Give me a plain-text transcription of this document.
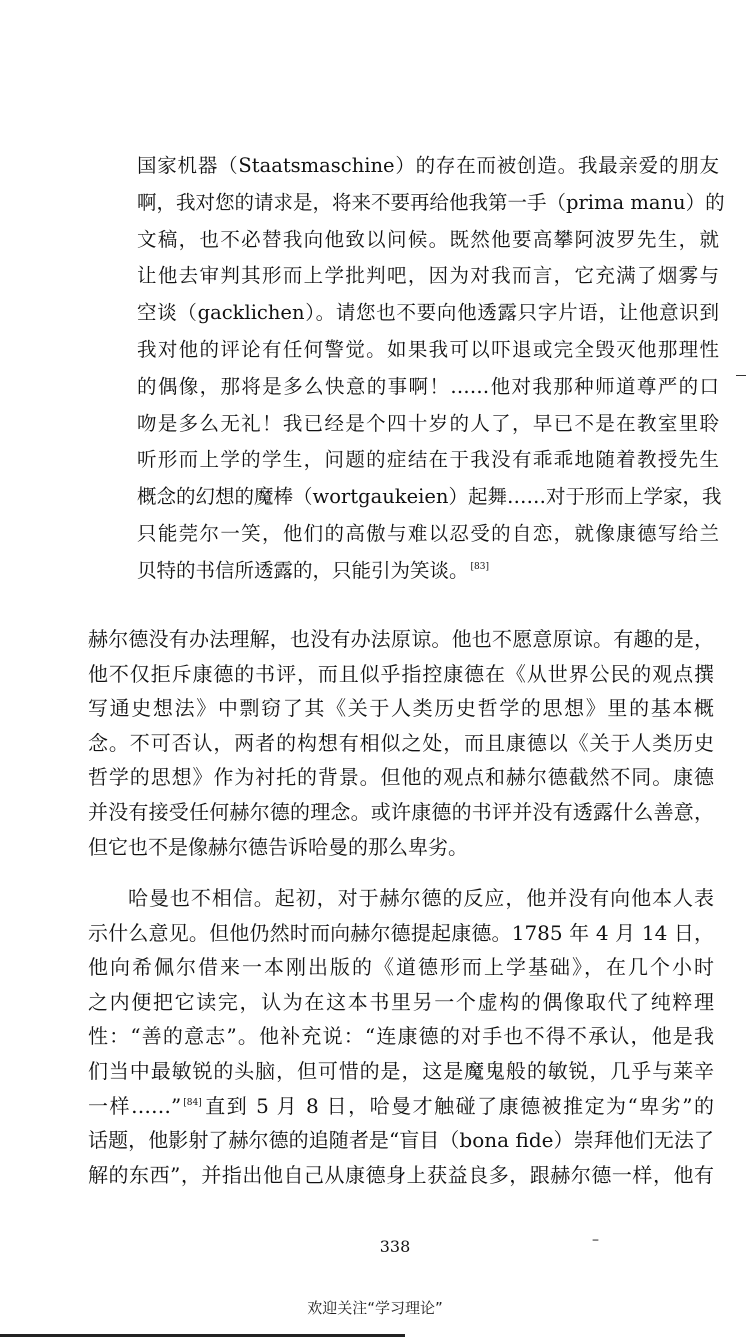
国家机器（Staatsmaschine）的存在而被创造。我最亲爱的朋友
啊，我对您的请求是，将来不要再给他我第一手（prima manu）的
文稿，也不必替我向他致以问候。既然他要高攀阿波罗先生，就
让他去审判其形而上学批判吧，因为对我而言，它充满了烟雾与
空谈（gacklichen）。请您也不要向他透露只字片语，让他意识到
我对他的评论有任何警觉。如果我可以吓退或完全毁灭他那理性
的偶像，那将是多么快意的事啊！……他对我那种师道尊严的口
吻是多么无礼！我已经是个四十岁的人了，早已不是在教室里聆
听形而上学的学生，问题的症结在于我没有乖乖地随着教授先生
概念的幻想的魔棒（wortgaukeien）起舞……对于形而上学家，我
只能莞尔一笑，他们的高傲与难以忍受的自恋，就像康德写给兰
贝特的书信所透露的，只能引为笑谈。 [83]
赫尔德没有办法理解，也没有办法原谅。他也不愿意原谅。有趣的是，
他不仅拒斥康德的书评，而且似乎指控康德在《从世界公民的观点撰
写通史想法》中剽窃了其《关于人类历史哲学的思想》里的基本概
念。不可否认，两者的构想有相似之处，而且康德以《关于人类历史
哲学的思想》作为衬托的背景。但他的观点和赫尔德截然不同。康德
并没有接受任何赫尔德的理念。或许康德的书评并没有透露什么善意，
但它也不是像赫尔德告诉哈曼的那么卑劣。
哈曼也不相信。起初，对于赫尔德的反应，他并没有向他本人表
示什么意见。但他仍然时而向赫尔德提起康德。1785 年 4 月 14 日，
他向希佩尔借来一本刚出版的《道德形而上学基础》，在几个小时
之内便把它读完，认为在这本书里另一个虚构的偶像取代了纯粹理
性：“善的意志”。他补充说：“连康德的对手也不得不承认，他是我
们当中最敏锐的头脑，但可惜的是，这是魔鬼般的敏锐，几乎与莱辛
一样……” [84] 直到 5 月 8 日，哈曼才触碰了康德被推定为“卑劣”的
话题，他影射了赫尔德的追随者是“盲目（bona fide）崇拜他们无法了
解的东西”，并指出他自己从康德身上获益良多，跟赫尔德一样，他有
338	–
欢迎关注“学习理论”
